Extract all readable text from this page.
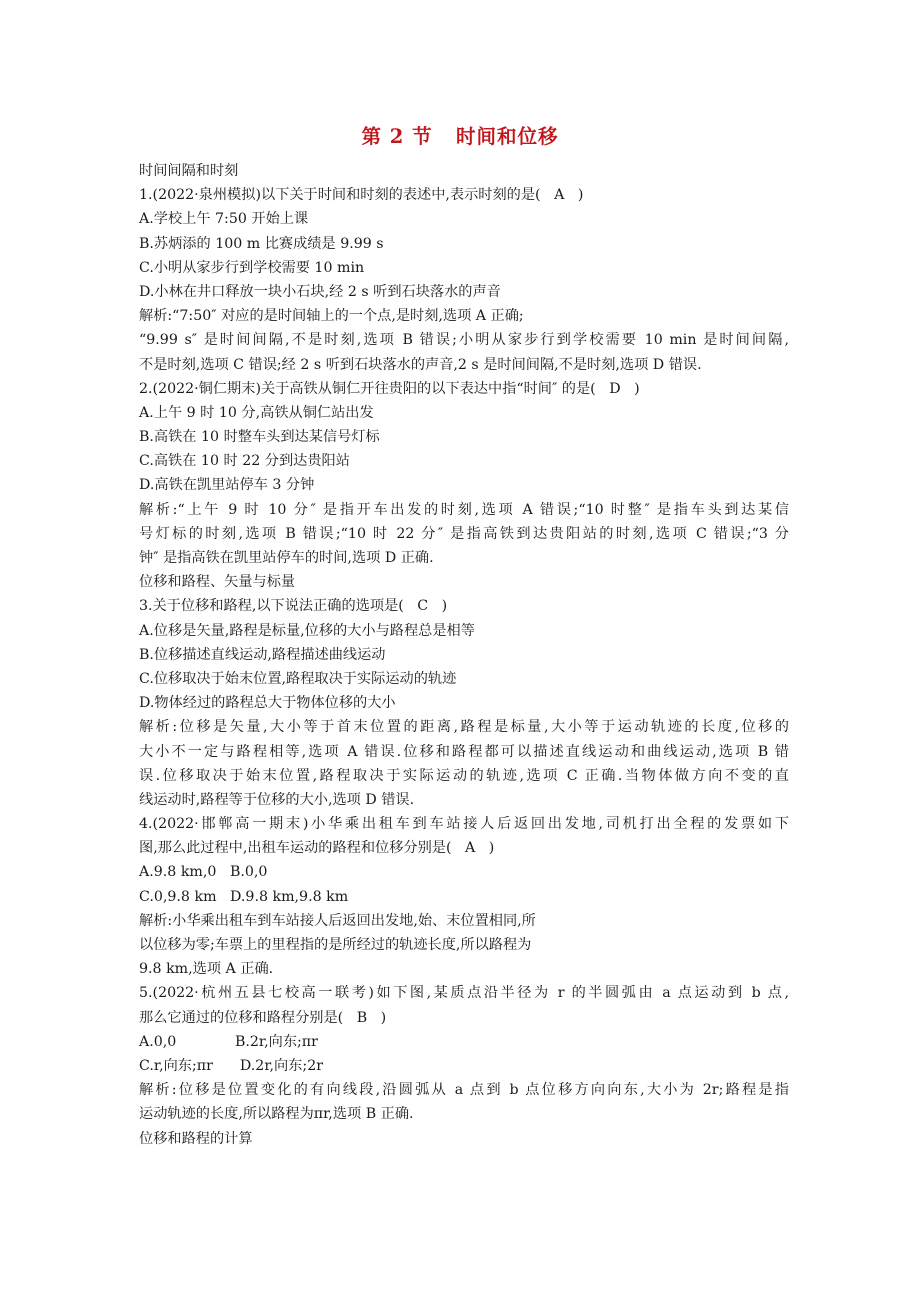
com.cn
第 2 节   时间和位移
时间间隔和时刻
1.(2022·泉州模拟)以下关于时间和时刻的表述中,表示时刻的是(   A   )
A.学校上午 7:50 开始上课
B.苏炳添的 100 m 比赛成绩是 9.99 s
C.小明从家步行到学校需要 10 min
D.小林在井口释放一块小石块,经 2 s 听到石块落水的声音
解析:“7:50″ 对应的是时间轴上的一个点,是时刻,选项 A 正确;
“9.99 s″ 是时间间隔,不是时刻,选项 B 错误;小明从家步行到学校需要 10 min 是时间间隔,
不是时刻,选项 C 错误;经 2 s 听到石块落水的声音,2 s 是时间间隔,不是时刻,选项 D 错误.
2.(2022·铜仁期末)关于高铁从铜仁开往贵阳的以下表达中指“时间″ 的是(   D   )
A.上午 9 时 10 分,高铁从铜仁站出发
B.高铁在 10 时整车头到达某信号灯标
C.高铁在 10 时 22 分到达贵阳站
D.高铁在凯里站停车 3 分钟
解析:“上午 9 时 10 分″ 是指开车出发的时刻,选项 A 错误;“10 时整″ 是指车头到达某信
号灯标的时刻,选项 B 错误;“10 时 22 分″ 是指高铁到达贵阳站的时刻,选项 C 错误;“3 分
钟″ 是指高铁在凯里站停车的时间,选项 D 正确.
位移和路程、矢量与标量
3.关于位移和路程,以下说法正确的选项是(   C   )
A.位移是矢量,路程是标量,位移的大小与路程总是相等
B.位移描述直线运动,路程描述曲线运动
C.位移取决于始末位置,路程取决于实际运动的轨迹
D.物体经过的路程总大于物体位移的大小
解析:位移是矢量,大小等于首末位置的距离,路程是标量,大小等于运动轨迹的长度,位移的
大小不一定与路程相等,选项 A 错误.位移和路程都可以描述直线运动和曲线运动,选项 B 错
误.位移取决于始末位置,路程取决于实际运动的轨迹,选项 C 正确.当物体做方向不变的直
线运动时,路程等于位移的大小,选项 D 错误.
4.(2022·邯郸高一期末)小华乘出租车到车站接人后返回出发地,司机打出全程的发票如下
图,那么此过程中,出租车运动的路程和位移分别是(   A   )
A.9.8 km,0   B.0,0
C.0,9.8 km   D.9.8 km,9.8 km
解析:小华乘出租车到车站接人后返回出发地,始、末位置相同,所
以位移为零;车票上的里程指的是所经过的轨迹长度,所以路程为
9.8 km,选项 A 正确.
5.(2022·杭州五县七校高一联考)如下图,某质点沿半径为 r 的半圆弧由 a 点运动到 b 点,
那么它通过的位移和路程分别是(   B   )
A.0,0             B.2r,向东;πr
C.r,向东;πr      D.2r,向东;2r
解析:位移是位置变化的有向线段,沿圆弧从 a 点到 b 点位移方向向东,大小为 2r;路程是指
运动轨迹的长度,所以路程为πr,选项 B 正确.
位移和路程的计算
